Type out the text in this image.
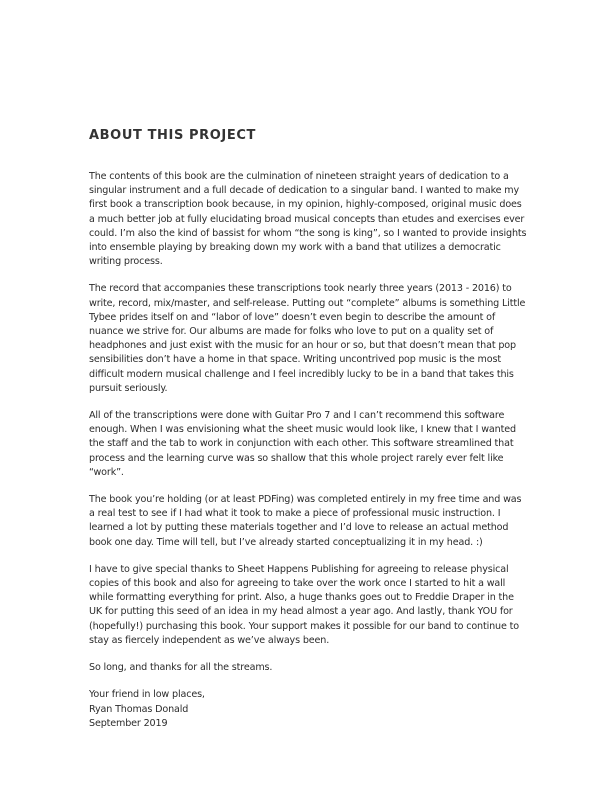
ABOUT THIS PROJECT

The contents of this book are the culmination of nineteen straight years of dedication to a singular instrument and a full decade of dedication to a singular band. I wanted to make my first book a transcription book because, in my opinion, highly-composed, original music does a much better job at fully elucidating broad musical concepts than etudes and exercises ever could. I’m also the kind of bassist for whom “the song is king”, so I wanted to provide insights into ensemble playing by breaking down my work with a band that utilizes a democratic writing process.

The record that accompanies these transcriptions took nearly three years (2013 - 2016) to write, record, mix/master, and self-release. Putting out “complete” albums is something Little Tybee prides itself on and “labor of love” doesn’t even begin to describe the amount of nuance we strive for. Our albums are made for folks who love to put on a quality set of headphones and just exist with the music for an hour or so, but that doesn’t mean that pop sensibilities don’t have a home in that space. Writing uncontrived pop music is the most difficult modern musical challenge and I feel incredibly lucky to be in a band that takes this pursuit seriously.

All of the transcriptions were done with Guitar Pro 7 and I can’t recommend this software enough. When I was envisioning what the sheet music would look like, I knew that I wanted the staff and the tab to work in conjunction with each other. This software streamlined that process and the learning curve was so shallow that this whole project rarely ever felt like “work”.

The book you’re holding (or at least PDFing) was completed entirely in my free time and was a real test to see if I had what it took to make a piece of professional music instruction. I learned a lot by putting these materials together and I’d love to release an actual method book one day. Time will tell, but I’ve already started conceptualizing it in my head. :)

I have to give special thanks to Sheet Happens Publishing for agreeing to release physical copies of this book and also for agreeing to take over the work once I started to hit a wall while formatting everything for print. Also, a huge thanks goes out to Freddie Draper in the UK for putting this seed of an idea in my head almost a year ago. And lastly, thank YOU for (hopefully!) purchasing this book. Your support makes it possible for our band to continue to stay as fiercely independent as we’ve always been.

So long, and thanks for all the streams.

Your friend in low places,

Ryan Thomas Donald

September 2019
